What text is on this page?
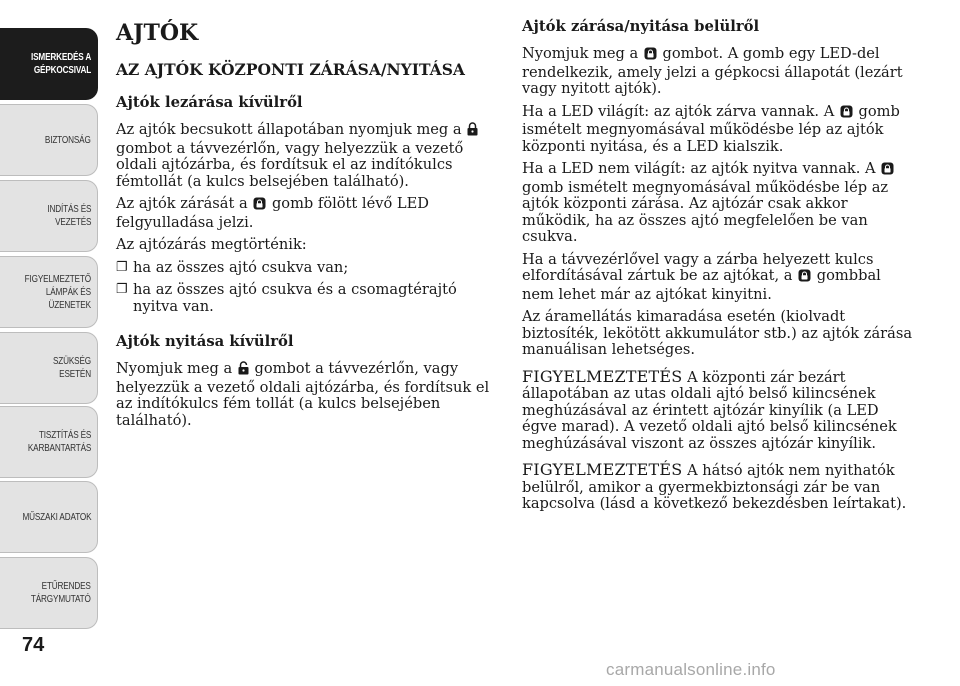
ISMERKEDÉS A
GÉPKOCSIVAL
BIZTONSÁG
INDÍTÁS ÉS
VEZETÉS
FIGYELMEZTETŐ
LÁMPÁK ÉS
ÜZENETEK
SZÜKSÉG ESETÉN
TISZTÍTÁS ÉS
KARBANTARTÁS
MŰSZAKI ADATOK
ETŰRENDES
TÁRGYMUTATÓ
74
AJTÓK
AZ AJTÓK KÖZPONTI ZÁRÁSA/NYITÁSA
Ajtók lezárása kívülről

Az ajtók becsukott állapotában nyomjuk meg a  gombot a távvezérlőn, vagy helyezzük a vezető oldali ajtózárba, és fordítsuk el az indítókulcs fémtollát (a kulcs belsejében található).

Az ajtók zárását a gomb fölött lévő LED felgyulladása jelzi.

Az ajtózárás megtörténik:

❐ ha az összes ajtó csukva van;
❐ ha az összes ajtó csukva és a csomagtérajtó nyitva van.
Ajtók nyitása kívülről

Nyomjuk meg a gombot a távvezérlőn, vagy helyezzük a vezető oldali ajtózárba, és fordítsuk el az indítókulcs fém tollát (a kulcs belsejében található).

Ajtók zárása/nyitása belülről

Nyomjuk meg a gombot. A gomb egy LED-del rendelkezik, amely jelzi a gépkocsi állapotát (lezárt vagy nyitott ajtók).

Ha a LED világít: az ajtók zárva vannak. A gomb ismételt megnyomásával működésbe lép az ajtók központi nyitása, és a LED kialszik.

Ha a LED nem világít: az ajtók nyitva vannak. A  gomb ismételt megnyomásával működésbe lép az ajtók központi zárása. Az ajtózár csak akkor működik, ha az összes ajtó megfelelően be van csukva.

Ha a távvezérlővel vagy a zárba helyezett kulcs elfordításával zártuk be az ajtókat, a gombbal nem lehet már az ajtókat kinyitni.

Az áramellátás kimaradása esetén (kiolvadt biztosíték, lekötött akkumulátor stb.) az ajtók zárása manuálisan lehetséges.

FIGYELMEZTETÉS A központi zár bezárt állapotában az utas oldali ajtó belső kilincsének meghúzásával az érintett ajtózár kinyílik (a LED égve marad). A vezető oldali ajtó belső kilincsének meghúzásával viszont az összes ajtózár kinyílik.

FIGYELMEZTETÉS A hátsó ajtók nem nyithatók belülről, amikor a gyermekbiztonsági zár be van kapcsolva (lásd a következő bekezdésben leírtakat).

carmanualsonline.info
